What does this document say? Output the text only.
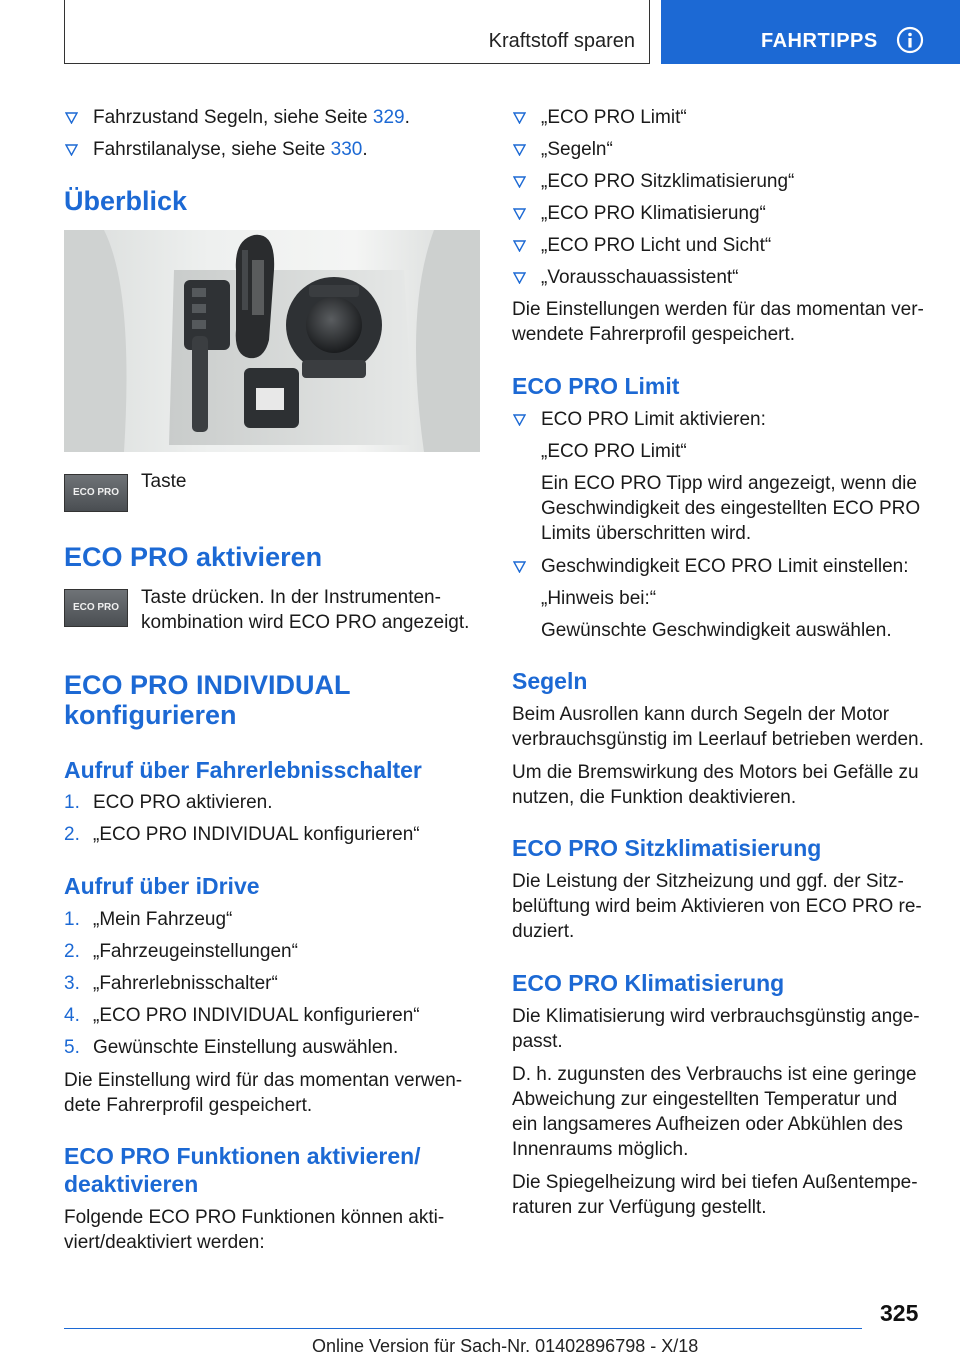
Kraftstoff sparen	FAHRTIPPS
Fahrzustand Segeln, siehe Seite 329.
Fahrstilanalyse, siehe Seite 330.
Überblick
ECO PRO

Taste

ECO PRO aktivieren
ECO PRO	Taste drücken. In der Instrumenten-

kombination wird ECO PRO angezeigt.

ECO PRO INDIVIDUAL
konfigurieren
Aufruf über Fahrerlebnisschalter
1. ECO PRO aktivieren.
2. „ECO PRO INDIVIDUAL konfigurieren“
Aufruf über iDrive
1. „Mein Fahrzeug“
2. „Fahrzeugeinstellungen“
3. „Fahrerlebnisschalter“
4. „ECO PRO INDIVIDUAL konfigurieren“
5. Gewünschte Einstellung auswählen.

Die Einstellung wird für das momentan verwen-

dete Fahrerprofil gespeichert.

ECO PRO Funktionen aktivieren/
deaktivieren

Folgende ECO PRO Funktionen können akti-

viert/deaktiviert werden:

„ECO PRO Limit“
„Segeln“
„ECO PRO Sitzklimatisierung“
„ECO PRO Klimatisierung“
„ECO PRO Licht und Sicht“
„Vorausschauassistent“

Die Einstellungen werden für das momentan ver-

wendete Fahrerprofil gespeichert.

ECO PRO Limit
ECO PRO Limit aktivieren:

„ECO PRO Limit“

Ein ECO PRO Tipp wird angezeigt, wenn die

Geschwindigkeit des eingestellten ECO PRO

Limits überschritten wird.

Geschwindigkeit ECO PRO Limit einstellen:

„Hinweis bei:“

Gewünschte Geschwindigkeit auswählen.

Segeln

Beim Ausrollen kann durch Segeln der Motor

verbrauchsgünstig im Leerlauf betrieben werden.

Um die Bremswirkung des Motors bei Gefälle zu

nutzen, die Funktion deaktivieren.

ECO PRO Sitzklimatisierung

Die Leistung der Sitzheizung und ggf. der Sitz-

belüftung wird beim Aktivieren von ECO PRO re-

duziert.

ECO PRO Klimatisierung

Die Klimatisierung wird verbrauchsgünstig ange-

passt.

D. h. zugunsten des Verbrauchs ist eine geringe

Abweichung zur eingestellten Temperatur und

ein langsameres Aufheizen oder Abkühlen des

Innenraums möglich.

Die Spiegelheizung wird bei tiefen Außentempe-

raturen zur Verfügung gestellt.

325
Online Version für Sach-Nr. 01402896798 - X/18
